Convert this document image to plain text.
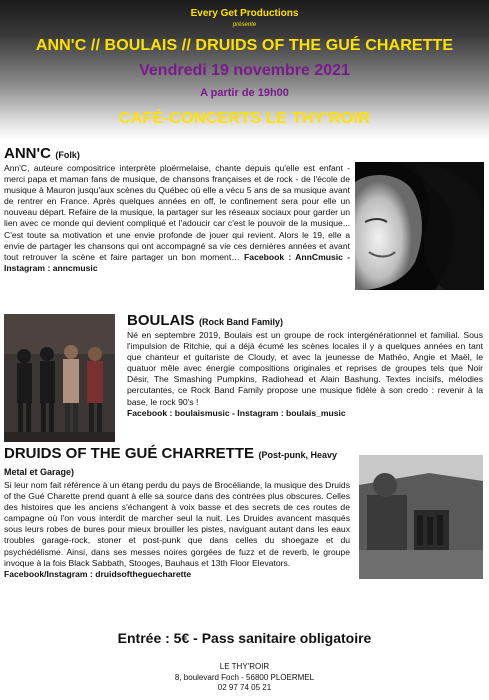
Every Get Productions
présente
ANN'C // BOULAIS // DRUIDS OF THE GUÉ CHARETTE
Vendredi 19 novembre 2021
A partir de 19h00
CAFÉ-CONCERTS LE THY'ROIR
ANN'C (Folk)
Ann'C, auteure compositrice interprète ploërmelaise, chante depuis qu'elle est enfant - merci papa et maman fans de musique, de chansons françaises et de rock - de l'école de musique à Mauron jusqu'aux scènes du Québec où elle a vécu 5 ans de sa musique avant de rentrer en France. Après quelques années en off, le confinement sera pour elle un nouveau départ. Refaire de la musique, la partager sur les réseaux sociaux pour garder un lien avec ce monde qui devient compliqué et l'adoucir car c'est le pouvoir de la musique... C'est toute sa motivation et une envie profonde de jouer qui revient. Alors le 19, elle a envie de partager les chansons qui ont accompagné sa vie ces dernières années et avant tout retrouver la scène et faire partager un bon moment… Facebook : AnnCmusic - Instagram : anncmusic
BOULAIS (Rock Band Family)
Né en septembre 2019, Boulais est un groupe de rock intergénérationnel et familial. Sous l'impulsion de Ritchie, qui a déjà écumé les scènes locales il y a quelques années en tant que chanteur et guitariste de Cloudy, et avec la jeunesse de Mathéo, Angie et Maël, le quatuor mêle avec énergie compositions originales et reprises de groupes tels que Noir Désir, The Smashing Pumpkins, Radiohead et Alain Bashung. Textes incisifs, mélodies percutantes, ce Rock Band Family propose une musique fidèle à son credo : revenir à la base, le rock 90's !
Facebook : boulaismusic - Instagram : boulais_music
DRUIDS OF THE GUÉ CHARRETTE (Post-punk, Heavy Metal et Garage)
Si leur nom fait référence à un étang perdu du pays de Brocéliande, la musique des Druids of the Gué Charette prend quant à elle sa source dans des contrées plus obscures. Celles des histoires que les anciens s'échangent à voix basse et des secrets de ces routes de campagne où l'on vous interdit de marcher seul la nuit. Les Druides avancent masqués sous leurs robes de bures pour mieux brouiller les pistes, naviguant autant dans les eaux troubles garage-rock, stoner et post-punk que dans celles du shoegaze et du psychédélisme. Ainsi, dans ses messes noires gorgées de fuzz et de reverb, le groupe invoque à la fois Black Sabbath, Stooges, Bauhaus et 13th Floor Elevators.
Facebook/Instagram : druidsoftheguecharette
Entrée : 5€ - Pass sanitaire obligatoire
LE THY'ROIR
8, boulevard Foch - 56800 PLOERMEL
02 97 74 05 21
